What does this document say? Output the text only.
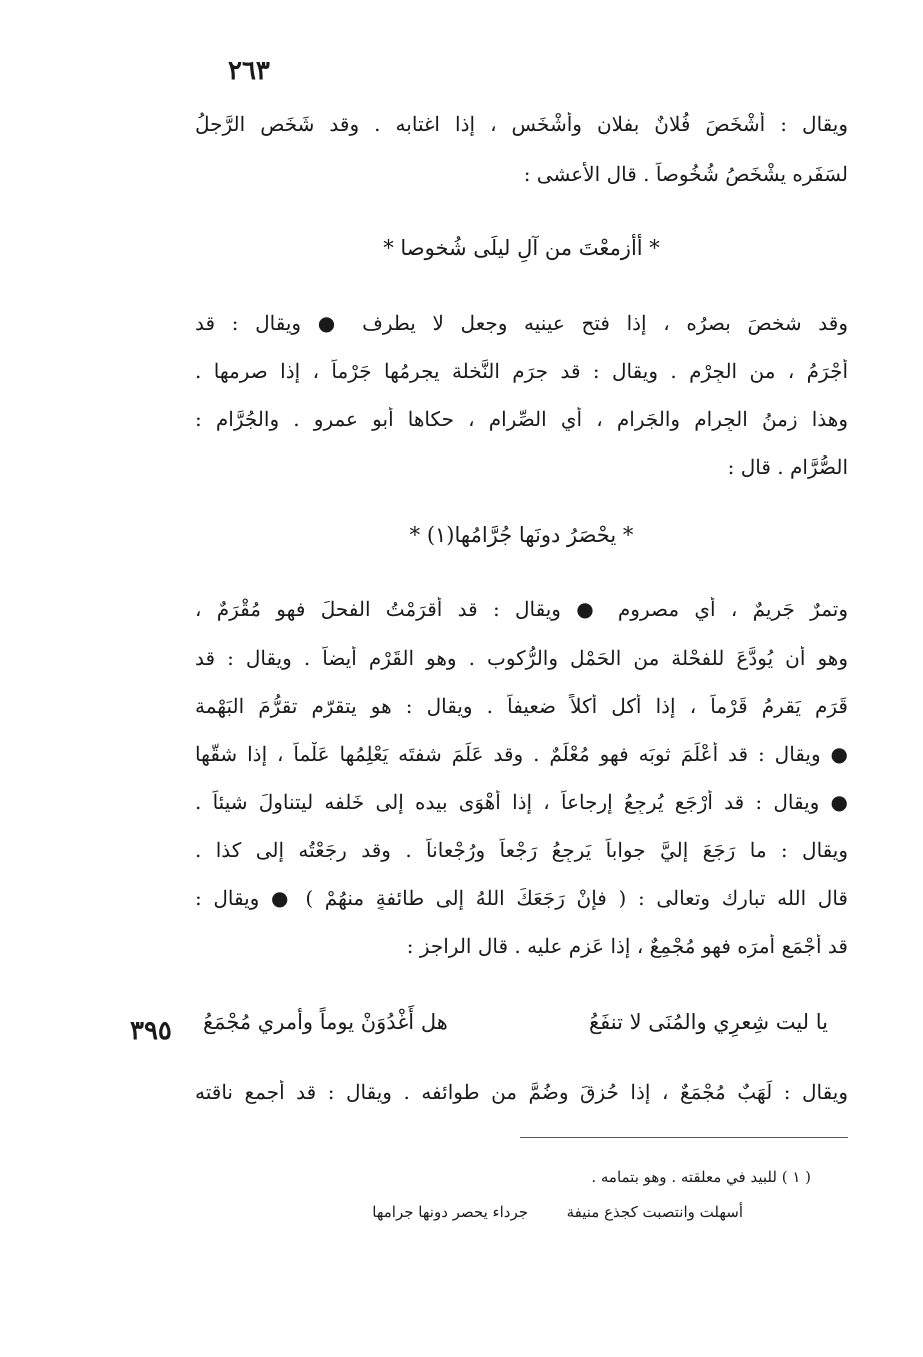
٢٦٣
ويقال : أَشْخَصَ فُلانٌ بفلانٍ وأَشْخَس ، إذا اغتابه . وقد شَخَص الرَّجلُ
لسَفَرِه يشْخَصُ شُخُوصاً . قال الأعشى :
* أأزمعْتَ من آلِ ليلَى شُخوصا *
وقد شخصَ بصرُه ، إذا فتح عينيه وجعل لا يطرف ● ويقال : قد
أَجْرَمُ ، من الجِرْم . ويقال : قد جرَم النَّخلة يجرمُها جَرْماً ، إذا صرمها .
وهذا زمنُ الجِرام والجَرام ، أي الصِّرام ، حكاها أبو عمرو . والجُرَّام :
الصُّرَّام . قال :
* يحْصَرُ دونَها جُرَّامُها(١) *
وتمرٌ جَرِيمٌ ، أي مصروم ● ويقال : قد أَقرَمْتُ الفحلَ فهو مُقْرَمٌ ،
وهو أن يُودَّعَ للفحْلة من الحَمْلِ والرُّكوب . وهو القَرْم أيضاً . ويقال : قد
قَرَم يَقرِمُ قَرْماً ، إذا أَكل أكلاً ضعيفاً . ويقال : هو يتقرّم تقرُّمَ البَهْمة
● ويقال : قد أَعْلَمَ ثوبَه فهو مُعْلَمٌ . وقد عَلَمَ شفتَه يَعْلِمُها عَلْماً ، إذا شقّها
● ويقال : قد أَرْجَع يُرجِعُ إرجاعاً ، إذا أهْوَى بيده إلى خَلفه ليتناولَ شيئاً .
ويقال : ما رَجَعَ إليَّ جواباً يَرجِعُ رَجْعاً ورُجْعاناً . وقد رجَعْتُه إلى كذا .
قال الله تبارك وتعالى : ( فإنْ رَجَعَكَ اللهُ إلى طائفةٍ منهُمْ ) ● ويقال :
قد أجْمَع أمرَه فهو مُجْمِعٌ ، إذا عَزم عليه . قال الراجز :
يا ليت شِعرِي والمُنَى لا تنفَعُ
هل أَغْدُوَنْ يوماً وأمري مُجْمَعُ
٣٩٥
ويقال : لَهَبٌ مُجْمَعٌ ، إذا حُزِقَ وضُمَّ من طوائفه . ويقال : قد أجمع ناقته
( ١ ) للبيد في معلقته . وهو بتمامه .
أسهلت وانتصبت كجذع منيفة
جرداء يحصر دونها جرامها
